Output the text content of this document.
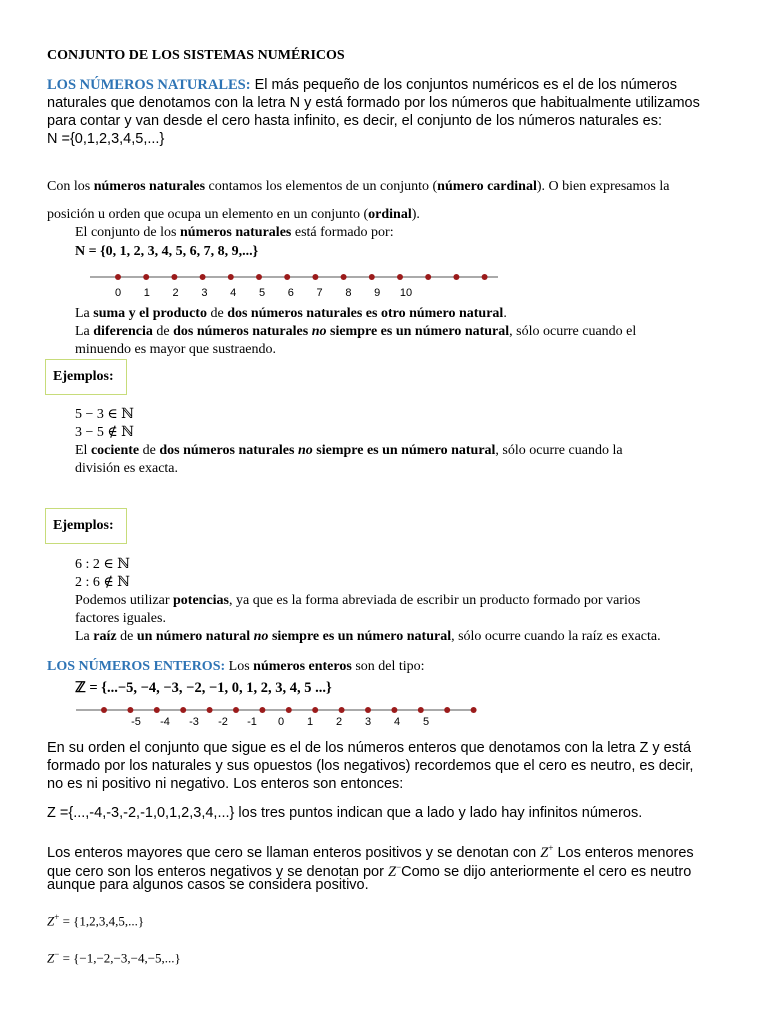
CONJUNTO DE LOS SISTEMAS NUMÉRICOS
LOS NÚMEROS NATURALES: El más pequeño de los conjuntos numéricos es el de los números
naturales que denotamos con la letra N y está formado por los números que habitualmente utilizamos
para contar y van desde el cero hasta infinito, es decir, el conjunto de los números naturales es:
N ={0,1,2,3,4,5,...}
Con los números naturales contamos los elementos de un conjunto (número cardinal). O bien expresamos la
posición u orden que ocupa un elemento en un conjunto (ordinal).
El conjunto de los números naturales está formado por:
N = {0, 1, 2, 3, 4, 5, 6, 7, 8, 9,...}
0 1 2 3 4 5 6 7 8 9 10
La suma y el producto de dos números naturales es otro número natural.
La diferencia de dos números naturales no siempre es un número natural, sólo ocurre cuando el
minuendo es mayor que sustraendo.
Ejemplos:
5 − 3 ∈ ℕ
3 − 5 ∉ ℕ
El cociente de dos números naturales no siempre es un número natural, sólo ocurre cuando la
división es exacta.
Ejemplos:
6 : 2 ∈ ℕ
2 : 6 ∉ ℕ
Podemos utilizar potencias, ya que es la forma abreviada de escribir un producto formado por varios
factores iguales.
La raíz de un número natural no siempre es un número natural, sólo ocurre cuando la raíz es exacta.
LOS NÚMEROS ENTEROS: Los números enteros son del tipo:
ℤ = {...−5, −4, −3, −2, −1, 0, 1, 2, 3, 4, 5 ...}
-5 -4 -3 -2 -1 0 1 2 3 4 5
En su orden el conjunto que sigue es el de los números enteros que denotamos con la letra Z y está
formado por los naturales y sus opuestos (los negativos) recordemos que el cero es neutro, es decir,
no es ni positivo ni negativo. Los enteros son entonces:
Z ={...,-4,-3,-2,-1,0,1,2,3,4,...} los tres puntos indican que a lado y lado hay infinitos números.
Los enteros mayores que cero se llaman enteros positivos y se denotan con Z+ Los enteros menores
que cero son los enteros negativos y se denotan por Z−Como se dijo anteriormente el cero es neutro
aunque para algunos casos se considera positivo.
Z+ = {1,2,3,4,5,...}
Z− = {−1,−2,−3,−4,−5,...}
